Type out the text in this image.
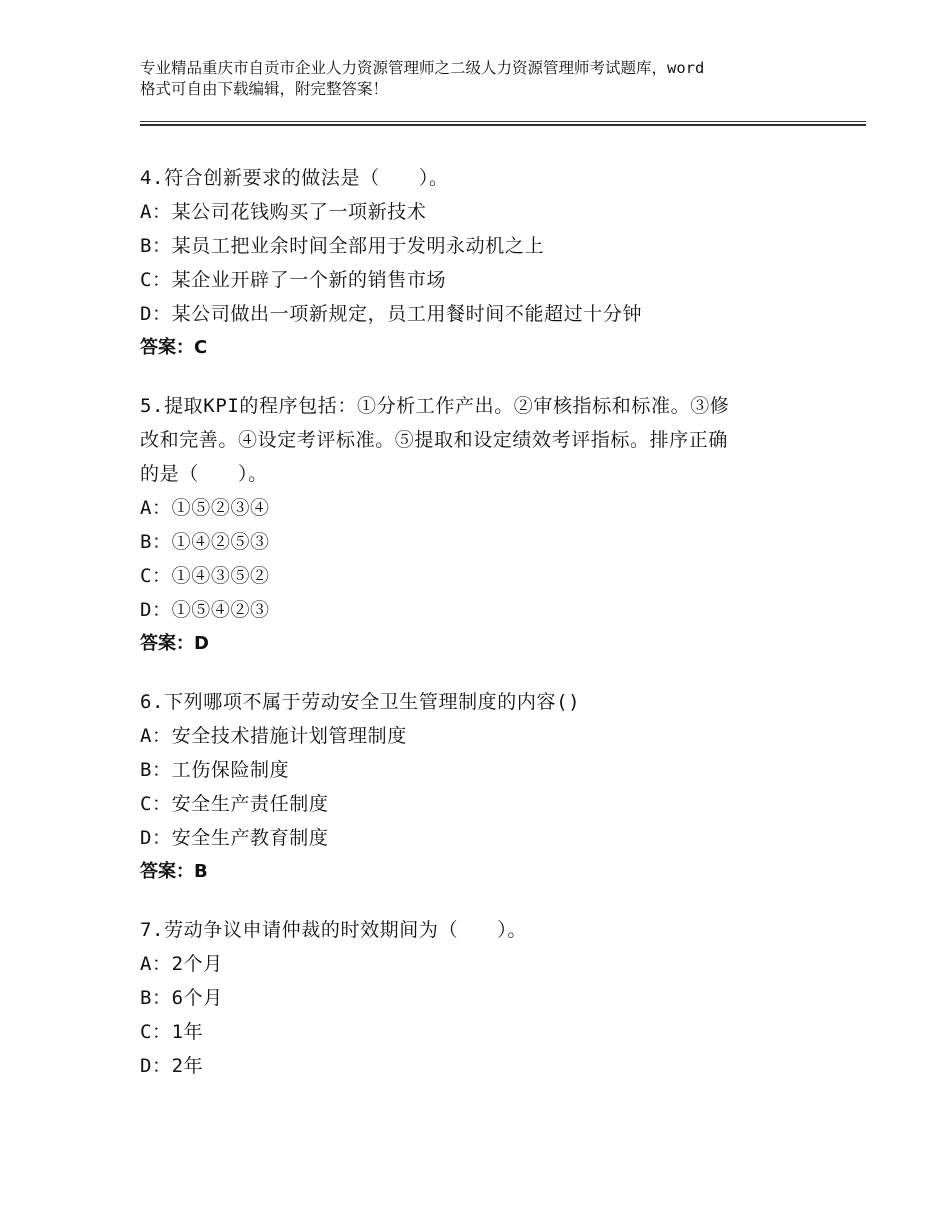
专业精品重庆市自贡市企业人力资源管理师之二级人力资源管理师考试题库，word
格式可自由下载编辑，附完整答案！

4.符合创新要求的做法是（　　）。

A：某公司花钱购买了一项新技术

B：某员工把业余时间全部用于发明永动机之上

C：某企业开辟了一个新的销售市场

D：某公司做出一项新规定，员工用餐时间不能超过十分钟

答案：C

5.提取KPI的程序包括：①分析工作产出。②审核指标和标准。③修

改和完善。④设定考评标准。⑤提取和设定绩效考评指标。排序正确

的是（　　）。

A：①⑤②③④

B：①④②⑤③

C：①④③⑤②

D：①⑤④②③

答案：D

6.下列哪项不属于劳动安全卫生管理制度的内容()

A：安全技术措施计划管理制度

B：工伤保险制度

C：安全生产责任制度

D：安全生产教育制度

答案：B

7.劳动争议申请仲裁的时效期间为（　　）。

A：2个月

B：6个月

C：1年

D：2年
